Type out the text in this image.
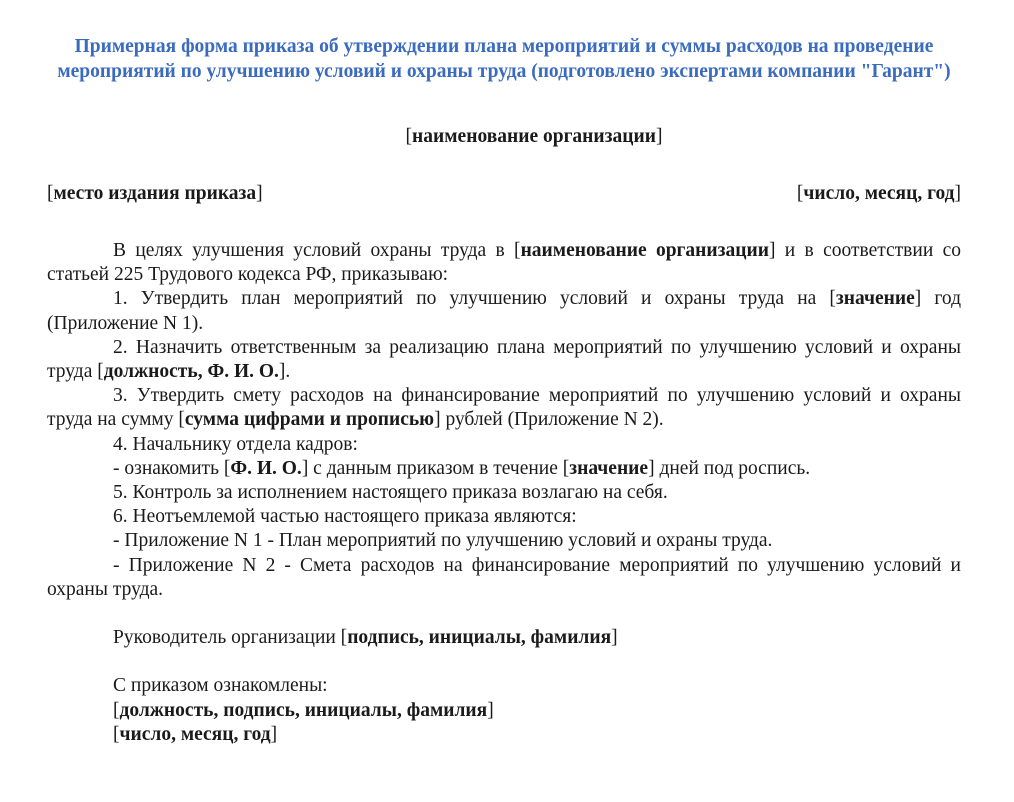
Примерная форма приказа об утверждении плана мероприятий и суммы расходов на проведение мероприятий по улучшению условий и охраны труда (подготовлено экспертами компании "Гарант")
[наименование организации]
[место издания приказа]	[число, месяц, год]

В целях улучшения условий охраны труда в [наименование организации] и в соответствии со статьей 225 Трудового кодекса РФ, приказываю:

1. Утвердить план мероприятий по улучшению условий и охраны труда на [значение] год (Приложение N 1).

2. Назначить ответственным за реализацию плана мероприятий по улучшению условий и охраны труда [должность, Ф. И. О.].

3. Утвердить смету расходов на финансирование мероприятий по улучшению условий и охраны труда на сумму [сумма цифрами и прописью] рублей (Приложение N 2).

4. Начальнику отдела кадров:

- ознакомить [Ф. И. О.] с данным приказом в течение [значение] дней под роспись.

5. Контроль за исполнением настоящего приказа возлагаю на себя.

6. Неотъемлемой частью настоящего приказа являются:

- Приложение N 1 - План мероприятий по улучшению условий и охраны труда.

- Приложение N 2 - Смета расходов на финансирование мероприятий по улучшению условий и охраны труда.

Руководитель организации [подпись, инициалы, фамилия]
С приказом ознакомлены:
[должность, подпись, инициалы, фамилия]
[число, месяц, год]
